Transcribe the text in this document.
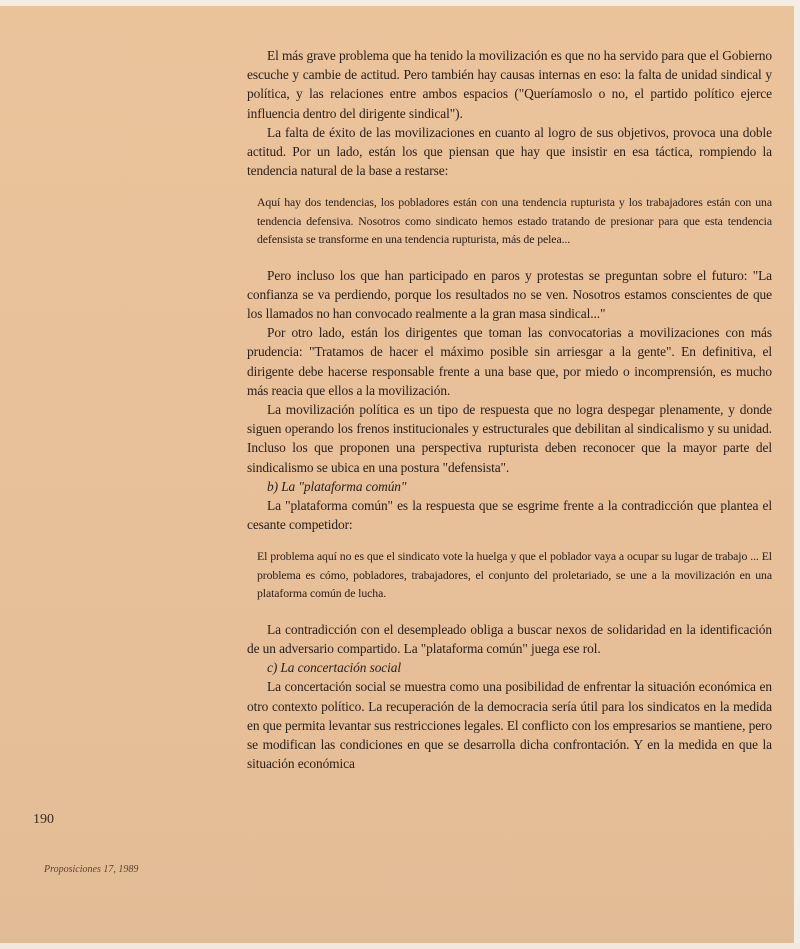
El más grave problema que ha tenido la movilización es que no ha servido para que el Gobierno escuche y cambie de actitud. Pero también hay causas internas en eso: la falta de unidad sindical y política, y las relaciones entre ambos espacios ("Queríamoslo o no, el partido político ejerce influencia dentro del dirigente sindical").

La falta de éxito de las movilizaciones en cuanto al logro de sus objetivos, provoca una doble actitud. Por un lado, están los que piensan que hay que insistir en esa táctica, rompiendo la tendencia natural de la base a restarse:

Aquí hay dos tendencias, los pobladores están con una tendencia rupturista y los trabajadores están con una tendencia defensiva. Nosotros como sindicato hemos estado tratando de presionar para que esta tendencia defensista se transforme en una tendencia rupturista, más de pelea...

Pero incluso los que han participado en paros y protestas se preguntan sobre el futuro: "La confianza se va perdiendo, porque los resultados no se ven. Nosotros estamos conscientes de que los llamados no han convocado realmente a la gran masa sindical..."

Por otro lado, están los dirigentes que toman las convocatorias a movilizaciones con más prudencia: "Tratamos de hacer el máximo posible sin arriesgar a la gente". En definitiva, el dirigente debe hacerse responsable frente a una base que, por miedo o incomprensión, es mucho más reacia que ellos a la movilización.

La movilización política es un tipo de respuesta que no logra despegar plenamente, y donde siguen operando los frenos institucionales y estructurales que debilitan al sindicalismo y su unidad. Incluso los que proponen una perspectiva rupturista deben reconocer que la mayor parte del sindicalismo se ubica en una postura "defensista".

b) La "plataforma común"

La "plataforma común" es la respuesta que se esgrime frente a la contradicción que plantea el cesante competidor:

El problema aquí no es que el sindicato vote la huelga y que el poblador vaya a ocupar su lugar de trabajo ... El problema es cómo, pobladores, trabajadores, el conjunto del proletariado, se une a la movilización en una plataforma común de lucha.

La contradicción con el desempleado obliga a buscar nexos de solidaridad en la identificación de un adversario compartido. La "plataforma común" juega ese rol.

c) La concertación social

La concertación social se muestra como una posibilidad de enfrentar la situación económica en otro contexto político. La recuperación de la democracia sería útil para los sindicatos en la medida en que permita levantar sus restricciones legales. El conflicto con los empresarios se mantiene, pero se modifican las condiciones en que se desarrolla dicha confrontación. Y en la medida en que la situación económica

190
Proposiciones 17, 1989
